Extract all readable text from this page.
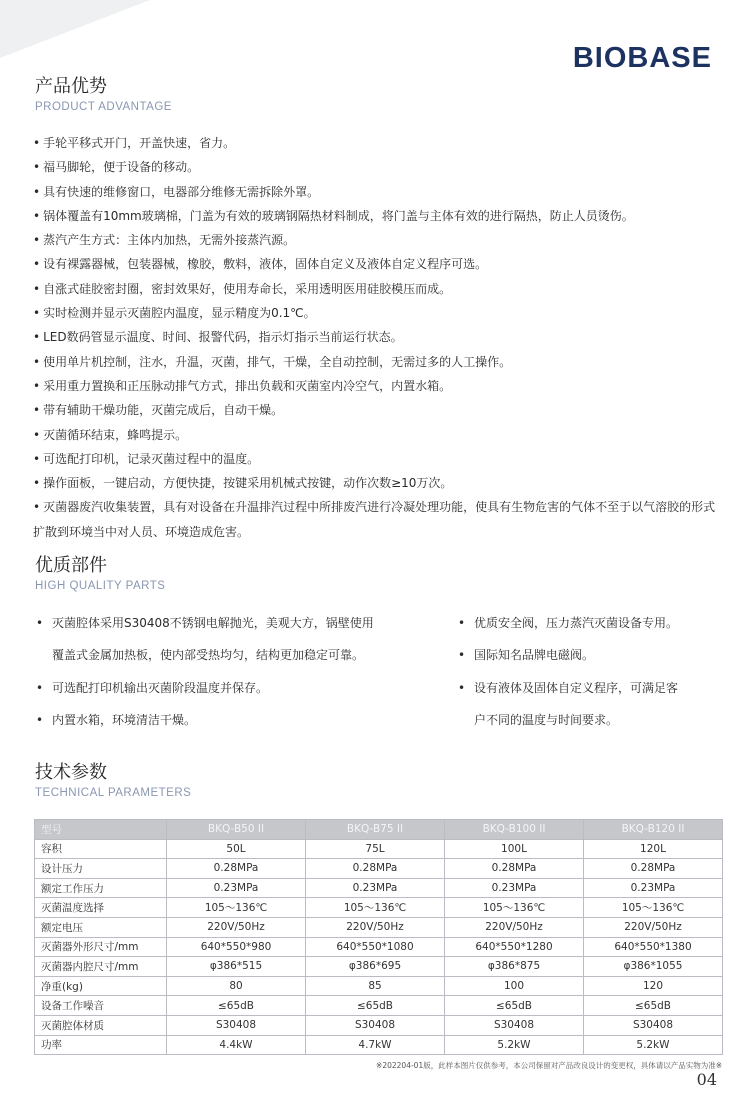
BIOBASE
产品优势
PRODUCT ADVANTAGE
• 手轮平移式开门，开盖快速，省力。
• 福马脚轮，便于设备的移动。
• 具有快速的维修窗口，电器部分维修无需拆除外罩。
• 锅体覆盖有10mm玻璃棉，门盖为有效的玻璃钢隔热材料制成，将门盖与主体有效的进行隔热，防止人员烫伤。
• 蒸汽产生方式：主体内加热，无需外接蒸汽源。
• 设有裸露器械，包装器械，橡胶，敷料，液体，固体自定义及液体自定义程序可选。
• 自涨式硅胶密封圈，密封效果好，使用寿命长，采用透明医用硅胶模压而成。
• 实时检测并显示灭菌腔内温度，显示精度为0.1℃。
• LED数码管显示温度、时间、报警代码，指示灯指示当前运行状态。
• 使用单片机控制，注水，升温，灭菌，排气，干燥，全自动控制，无需过多的人工操作。
• 采用重力置换和正压脉动排气方式，排出负载和灭菌室内冷空气，内置水箱。
• 带有辅助干燥功能，灭菌完成后，自动干燥。
• 灭菌循环结束，蜂鸣提示。
• 可选配打印机，记录灭菌过程中的温度。
• 操作面板，一键启动，方便快捷，按键采用机械式按键，动作次数≥10万次。
• 灭菌器废汽收集装置，具有对设备在升温排汽过程中所排废汽进行冷凝处理功能，使具有生物危害的气体不至于以气溶胶的形式扩散到环境当中对人员、环境造成危害。
优质部件
HIGH QUALITY PARTS
• 灭菌腔体采用S30408不锈钢电解抛光，美观大方，锅壁使用
覆盖式金属加热板，使内部受热均匀，结构更加稳定可靠。
• 可选配打印机输出灭菌阶段温度并保存。
• 内置水箱，环境清洁干燥。
• 优质安全阀，压力蒸汽灭菌设备专用。
• 国际知名品牌电磁阀。
• 设有液体及固体自定义程序，可满足客
户不同的温度与时间要求。
技术参数
TECHNICAL PARAMETERS
型号	BKQ-B50 II	BKQ-B75 II	BKQ-B100 II	BKQ-B120 II
容积	50L	75L	100L	120L
设计压力	0.28MPa	0.28MPa	0.28MPa	0.28MPa
额定工作压力	0.23MPa	0.23MPa	0.23MPa	0.23MPa
灭菌温度选择	105～136℃	105～136℃	105～136℃	105～136℃
额定电压	220V/50Hz	220V/50Hz	220V/50Hz	220V/50Hz
灭菌器外形尺寸/mm	640*550*980	640*550*1080	640*550*1280	640*550*1380
灭菌器内腔尺寸/mm	φ386*515	φ386*695	φ386*875	φ386*1055
净重(kg)	80	85	100	120
设备工作噪音	≤65dB	≤65dB	≤65dB	≤65dB
灭菌腔体材质	S30408	S30408	S30408	S30408
功率	4.4kW	4.7kW	5.2kW	5.2kW
※202204-01版，此样本图片仅供参考，本公司保留对产品改良设计的变更权，具体请以产品实物为准※
04
